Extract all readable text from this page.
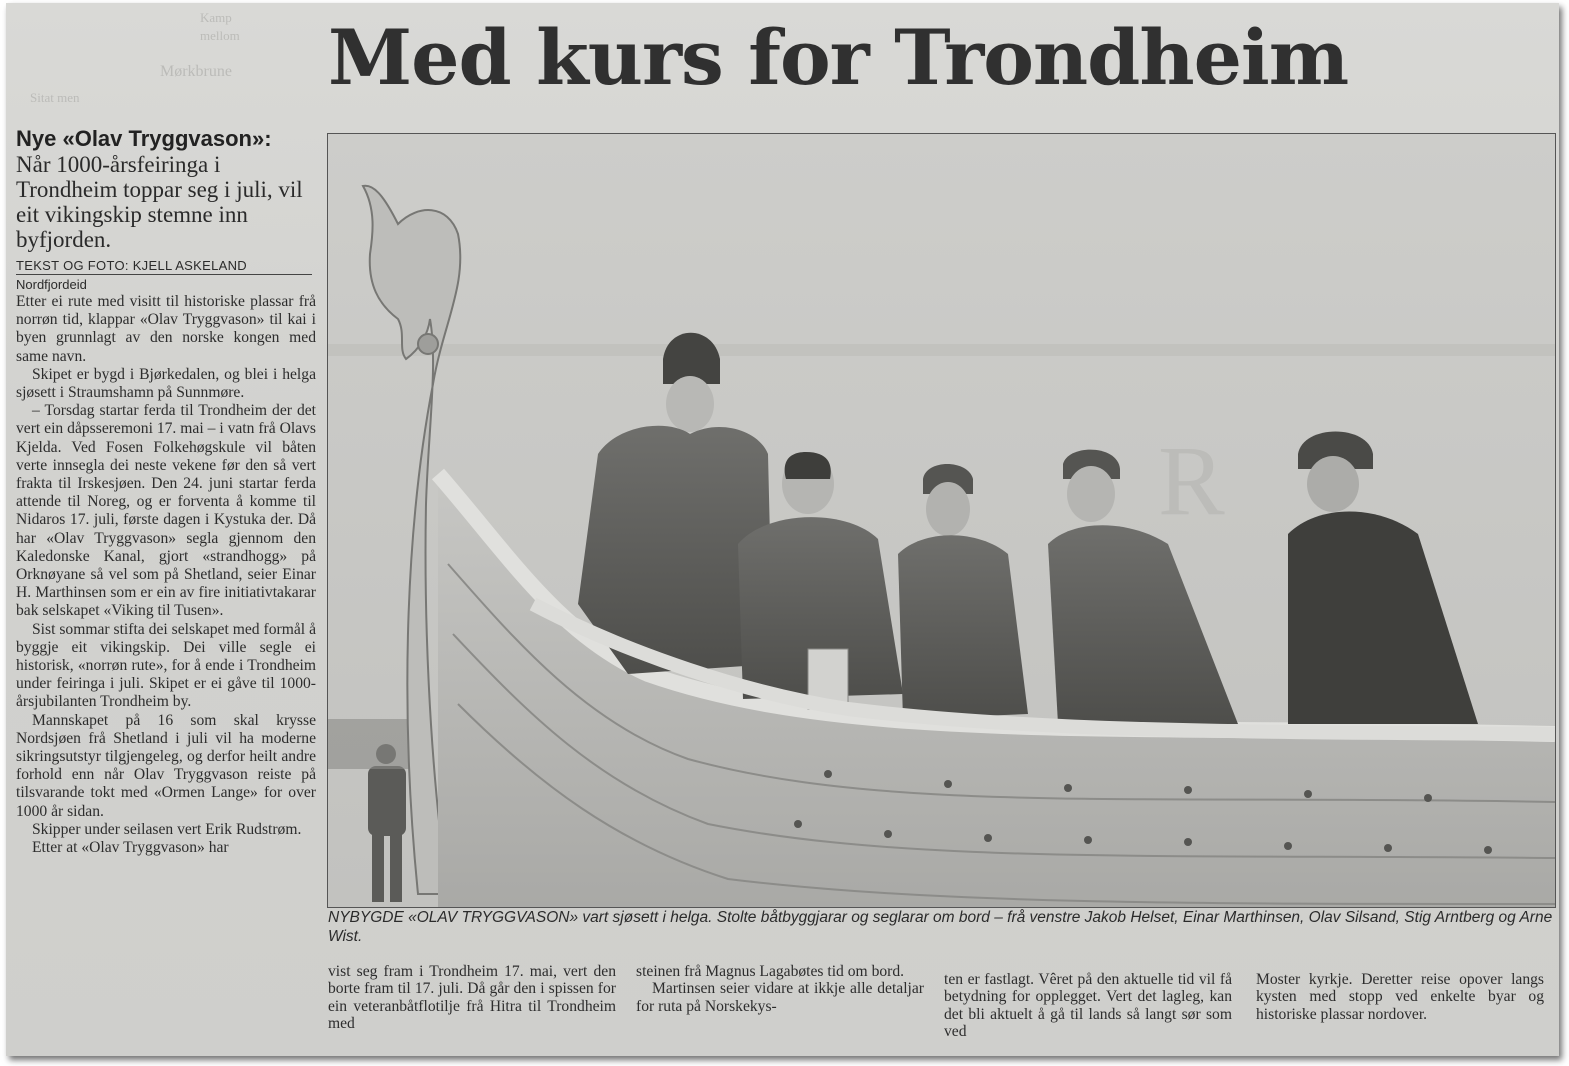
Kamp mellom
Mørkbrune
Sitat men	Med kurs for Trondheim
Nye «Olav Tryggvason»:
Når 1000-årsfeiringa i Trondheim toppar seg i juli, vil eit vikingskip stemne inn byfjorden.
TEKST OG FOTO: KJELL ASKELAND
Nordfjordeid

Etter ei rute med visitt til historiske plassar frå norrøn tid, klappar «Olav Tryggvason» til kai i byen grunnlagt av den norske kongen med same navn.

Skipet er bygd i Bjørkedalen, og blei i helga sjøsett i Straumshamn på Sunnmøre.

– Torsdag startar ferda til Trondheim der det vert ein dåpsseremoni 17. mai – i vatn frå Olavs Kjelda. Ved Fosen Folkehøgskule vil båten verte innsegla dei neste vekene før den så vert frakta til Irskesjøen. Den 24. juni startar ferda attende til Noreg, og er forventa å komme til Nidaros 17. juli, første dagen i Kystuka der. Då har «Olav Tryggvason» segla gjennom den Kaledonske Kanal, gjort «strandhogg» på Orknøyane så vel som på Shetland, seier Einar H. Marthinsen som er ein av fire initiativtakarar bak selskapet «Viking til Tusen».

Sist sommar stifta dei selskapet med formål å byggje eit vikingskip. Dei ville segle ei historisk, «norrøn rute», for å ende i Trondheim under feiringa i juli. Skipet er ei gåve til 1000-årsjubilanten Trondheim by.

Mannskapet på 16 som skal krysse Nordsjøen frå Shetland i juli vil ha moderne sikringsutstyr tilgjengeleg, og derfor heilt andre forhold enn når Olav Tryggvason reiste på tilsvarande tokt med «Ormen Lange» for over 1000 år sidan.

Skipper under seilasen vert Erik Rudstrøm.

Etter at «Olav Tryggvason» har

R
NYBYGDE «OLAV TRYGGVASON» vart sjøsett i helga. Stolte båtbyggjarar og seglarar om bord – frå venstre Jakob Helset, Einar Marthinsen, Olav Silsand, Stig Arntberg og Arne Wist.

vist seg fram i Trondheim 17. mai, vert den borte fram til 17. juli. Då går den i spissen for ein veteranbåtflotilje frå Hitra til Trondheim med

steinen frå Magnus Lagabøtes tid om bord.

Martinsen seier vidare at ikkje alle detaljar for ruta på Norskekys-

ten er fastlagt. Vêret på den aktuelle tid vil få betydning for opplegget. Vert det lagleg, kan det bli aktuelt å gå til lands så langt sør som ved

Moster kyrkje. Deretter reise opover langs kysten med stopp ved enkelte byar og historiske plassar nordover.
